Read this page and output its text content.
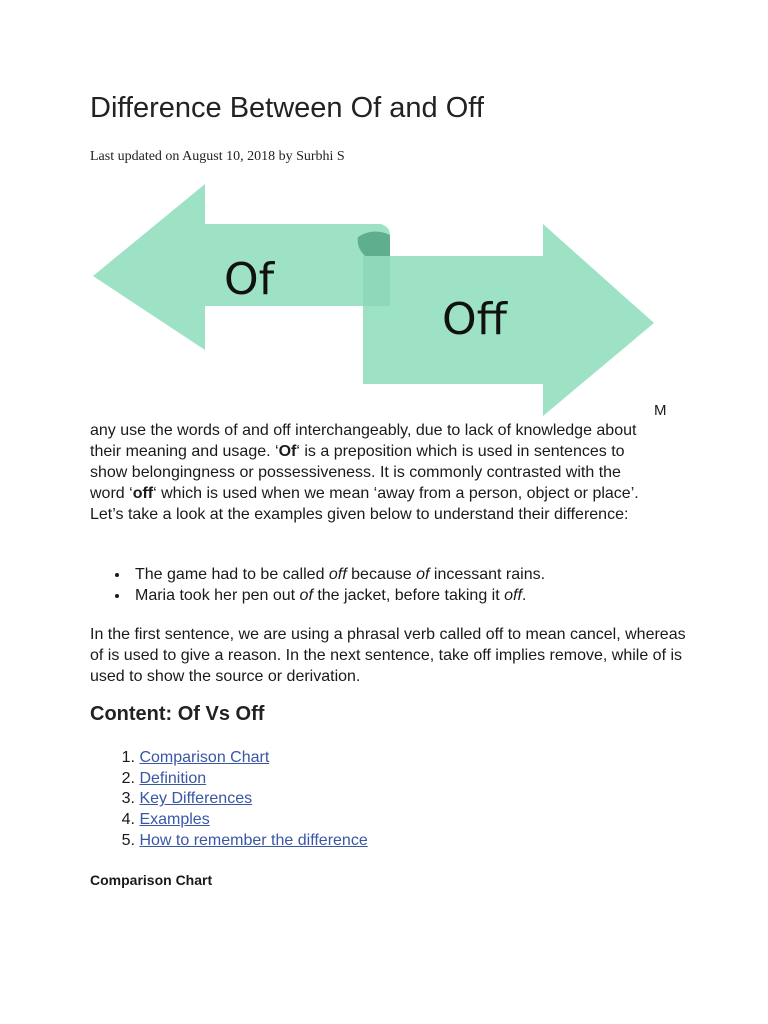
Difference Between Of and Off
Last updated on August 10, 2018 by Surbhi S
Of
Off
M

any use the words of and off interchangeably, due to lack of knowledge about their meaning and usage. ‘Of‘ is a preposition which is used in sentences to show belongingness or possessiveness. It is commonly contrasted with the word ‘off‘ which is used when we mean ‘away from a person, object or place’. Let’s take a look at the examples given below to understand their difference:

The game had to be called off because of incessant rains.
Maria took her pen out of the jacket, before taking it off.

In the first sentence, we are using a phrasal verb called off to mean cancel, whereas of is used to give a reason. In the next sentence, take off implies remove, while of is used to show the source or derivation.

Content: Of Vs Off
1. Comparison Chart
2. Definition
3. Key Differences
4. Examples
5. How to remember the difference
Comparison Chart
